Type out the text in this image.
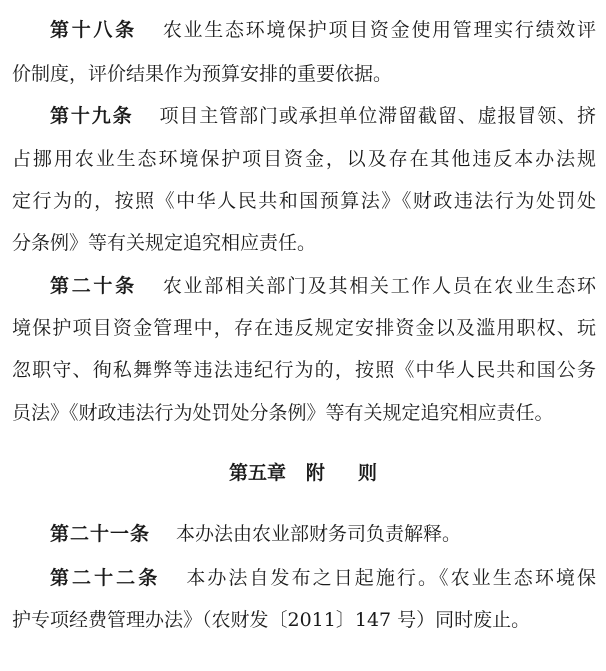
第十八条 农业生态环境保护项目资金使用管理实行绩效评
价制度，评价结果作为预算安排的重要依据。
第十九条 项目主管部门或承担单位滞留截留、虚报冒领、挤
占挪用农业生态环境保护项目资金，以及存在其他违反本办法规
定行为的，按照《中华人民共和国预算法》《财政违法行为处罚处
分条例》等有关规定追究相应责任。
第二十条 农业部相关部门及其相关工作人员在农业生态环
境保护项目资金管理中，存在违反规定安排资金以及滥用职权、玩
忽职守、徇私舞弊等违法违纪行为的，按照《中华人民共和国公务
员法》《财政违法行为处罚处分条例》等有关规定追究相应责任。
第五章   附     则
第二十一条 本办法由农业部财务司负责解释。
第二十二条 本办法自发布之日起施行。《农业生态环境保
护专项经费管理办法》（农财发〔2011〕147 号）同时废止。
